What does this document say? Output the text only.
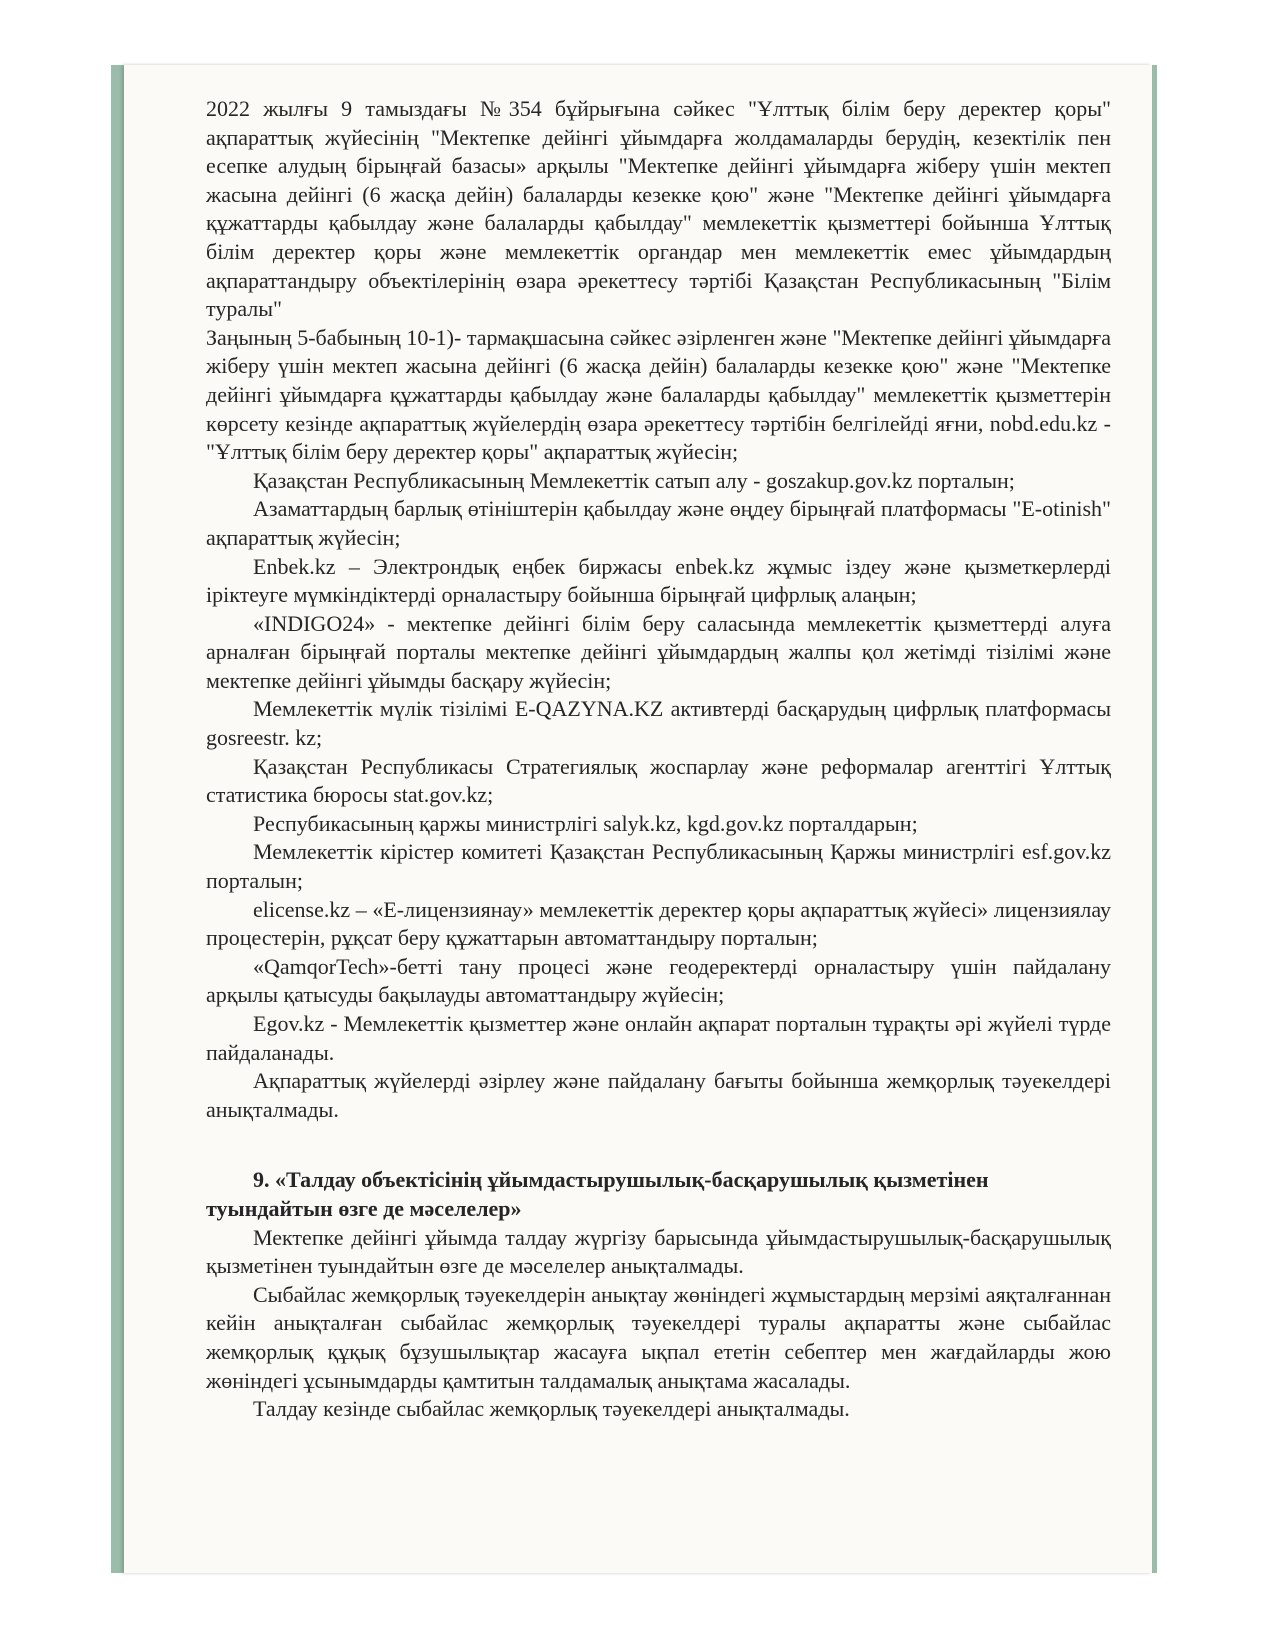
2022 жылғы 9 тамыздағы №354 бұйрығына сәйкес "Ұлттық білім беру деректер қоры" ақпараттық жүйесінің "Мектепке дейінгі ұйымдарға жолдамаларды берудің, кезектілік пен есепке алудың бірыңғай базасы» арқылы "Мектепке дейінгі ұйымдарға жіберу үшін мектеп жасына дейінгі (6 жасқа дейін) балаларды кезекке қою" және "Мектепке дейінгі ұйымдарға құжаттарды қабылдау және балаларды қабылдау" мемлекеттік қызметтері бойынша Ұлттық білім деректер қоры және мемлекеттік органдар мен мемлекеттік емес ұйымдардың ақпараттандыру объектілерінің өзара әрекеттесу тәртібі Қазақстан Республикасының "Білім туралы"

Заңының 5-бабының 10-1)- тармақшасына сәйкес әзірленген және "Мектепке дейінгі ұйымдарға жіберу үшін мектеп жасына дейінгі (6 жасқа дейін) балаларды кезекке қою" және "Мектепке дейінгі ұйымдарға құжаттарды қабылдау және балаларды қабылдау" мемлекеттік қызметтерін көрсету кезінде ақпараттық жүйелердің өзара әрекеттесу тәртібін белгілейді яғни, nobd.edu.kz - "Ұлттық білім беру деректер қоры" ақпараттық жүйесін;

Қазақстан Республикасының Мемлекеттік сатып алу - goszakup.gov.kz порталын;

Азаматтардың барлық өтініштерін қабылдау және өңдеу бірыңғай платформасы "E-otinish" ақпараттық жүйесін;

Enbek.kz – Электрондық еңбек биржасы enbek.kz жұмыс іздеу және қызметкерлерді іріктеуге мүмкіндіктерді орналастыру бойынша бірыңғай цифрлық алаңын;

«INDIGO24» - мектепке дейінгі білім беру саласында мемлекеттік қызметтерді алуға арналған бірыңғай порталы мектепке дейінгі ұйымдардың жалпы қол жетімді тізілімі және мектепке дейінгі ұйымды басқару жүйесін;

Мемлекеттік мүлік тізілімі E-QAZYNA.KZ активтерді басқарудың цифрлық платформасы gosreestr. kz;

Қазақстан Республикасы Стратегиялық жоспарлау және реформалар агенттігі Ұлттық статистика бюросы stat.gov.kz;

Респубикасының қаржы министрлігі salyk.kz, kgd.gov.kz порталдарын;

Мемлекеттік кірістер комитеті Қазақстан Республикасының Қаржы министрлігі esf.gov.kz порталын;

elicense.kz – «Е-лицензиянау» мемлекеттік деректер қоры ақпараттық жүйесі» лицензиялау процестерін, рұқсат беру құжаттарын автоматтандыру порталын;

«QamqorTech»-бетті тану процесі және геодеректерді орналастыру үшін пайдалану арқылы қатысуды бақылауды автоматтандыру жүйесін;

Egov.kz - Мемлекеттік қызметтер және онлайн ақпарат порталын тұрақты әрі жүйелі түрде пайдаланады.

Ақпараттық жүйелерді әзірлеу және пайдалану бағыты бойынша жемқорлық тәуекелдері анықталмады.

9. «Талдау объектісінің ұйымдастырушылық-басқарушылық қызметінен туындайтын өзге де мәселелер»

Мектепке дейінгі ұйымда талдау жүргізу барысында ұйымдастырушылық-басқарушылық қызметінен туындайтын өзге де мәселелер анықталмады.

Сыбайлас жемқорлық тәуекелдерін анықтау жөніндегі жұмыстардың мерзімі аяқталғаннан кейін анықталған сыбайлас жемқорлық тәуекелдері туралы ақпаратты және сыбайлас жемқорлық құқық бұзушылықтар жасауға ықпал ететін себептер мен жағдайларды жою жөніндегі ұсынымдарды қамтитын талдамалық анықтама жасалады.

Талдау кезінде сыбайлас жемқорлық тәуекелдері анықталмады.
